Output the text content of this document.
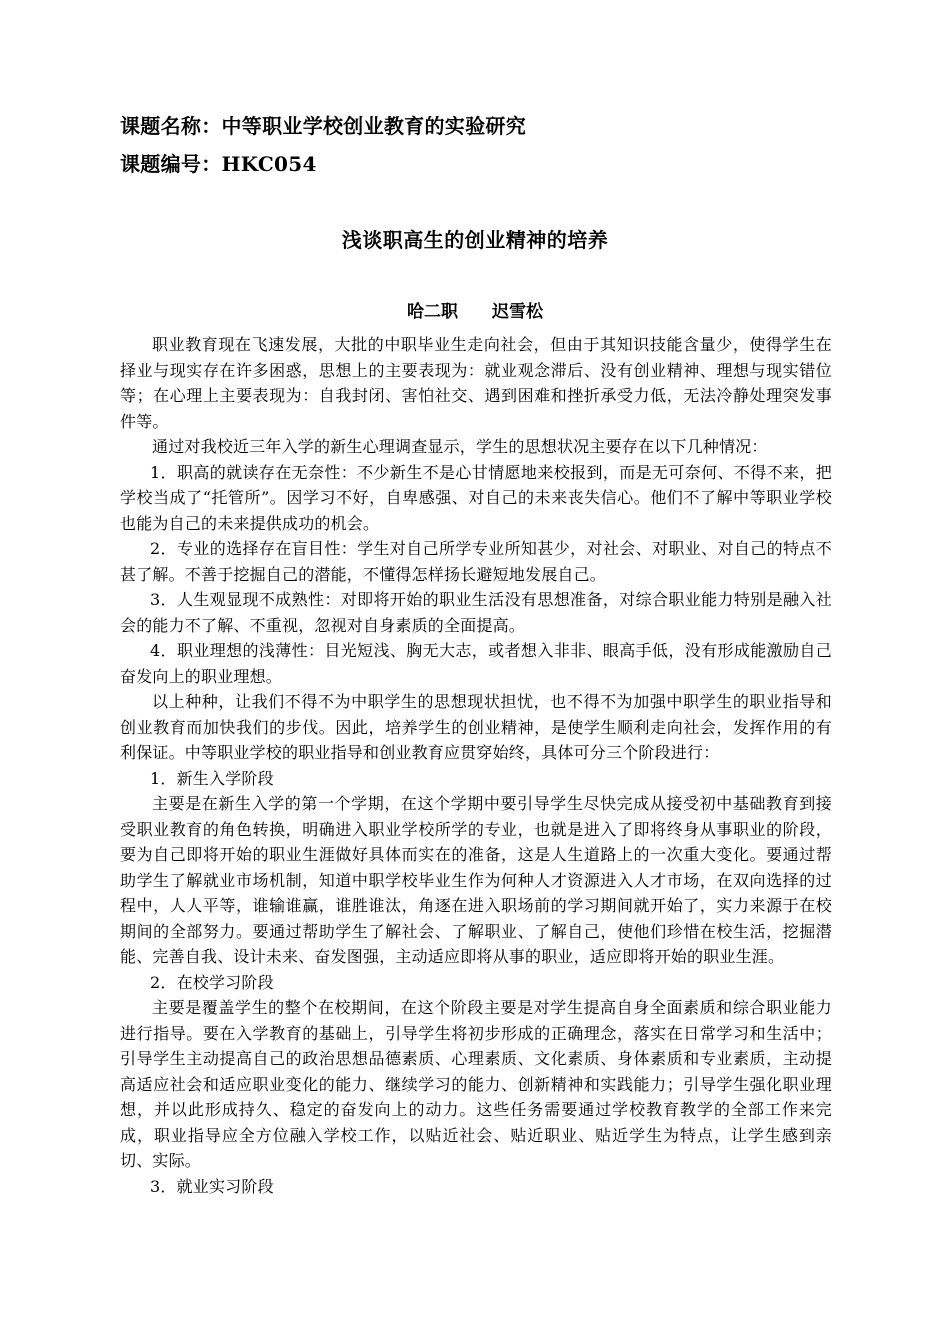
课题名称：中等职业学校创业教育的实验研究
课题编号：HKC054
浅谈职高生的创业精神的培养
哈二职 迟雪松

职业教育现在飞速发展，大批的中职毕业生走向社会，但由于其知识技能含量少，使得学生在择业与现实存在许多困惑，思想上的主要表现为：就业观念滞后、没有创业精神、理想与现实错位等；在心理上主要表现为：自我封闭、害怕社交、遇到困难和挫折承受力低，无法冷静处理突发事件等。

通过对我校近三年入学的新生心理调查显示，学生的思想状况主要存在以下几种情况：

1．职高的就读存在无奈性：不少新生不是心甘情愿地来校报到，而是无可奈何、不得不来，把学校当成了“托管所”。因学习不好，自卑感强、对自己的未来丧失信心。他们不了解中等职业学校也能为自己的未来提供成功的机会。

2．专业的选择存在盲目性：学生对自己所学专业所知甚少，对社会、对职业、对自己的特点不甚了解。不善于挖掘自己的潜能，不懂得怎样扬长避短地发展自己。

3．人生观显现不成熟性：对即将开始的职业生活没有思想准备，对综合职业能力特别是融入社会的能力不了解、不重视，忽视对自身素质的全面提高。

4．职业理想的浅薄性：目光短浅、胸无大志，或者想入非非、眼高手低，没有形成能激励自己奋发向上的职业理想。

以上种种，让我们不得不为中职学生的思想现状担忧，也不得不为加强中职学生的职业指导和创业教育而加快我们的步伐。因此，培养学生的创业精神，是使学生顺利走向社会，发挥作用的有利保证。中等职业学校的职业指导和创业教育应贯穿始终，具体可分三个阶段进行：

1．新生入学阶段

主要是在新生入学的第一个学期，在这个学期中要引导学生尽快完成从接受初中基础教育到接受职业教育的角色转换，明确进入职业学校所学的专业，也就是进入了即将终身从事职业的阶段，要为自己即将开始的职业生涯做好具体而实在的准备，这是人生道路上的一次重大变化。要通过帮助学生了解就业市场机制，知道中职学校毕业生作为何种人才资源进入人才市场，在双向选择的过程中，人人平等，谁输谁赢，谁胜谁汰，角逐在进入职场前的学习期间就开始了，实力来源于在校期间的全部努力。要通过帮助学生了解社会、了解职业、了解自己，使他们珍惜在校生活，挖掘潜能、完善自我、设计未来、奋发图强，主动适应即将从事的职业，适应即将开始的职业生涯。

2．在校学习阶段

主要是覆盖学生的整个在校期间，在这个阶段主要是对学生提高自身全面素质和综合职业能力进行指导。要在入学教育的基础上，引导学生将初步形成的正确理念，落实在日常学习和生活中；引导学生主动提高自己的政治思想品德素质、心理素质、文化素质、身体素质和专业素质，主动提高适应社会和适应职业变化的能力、继续学习的能力、创新精神和实践能力；引导学生强化职业理想，并以此形成持久、稳定的奋发向上的动力。这些任务需要通过学校教育教学的全部工作来完成，职业指导应全方位融入学校工作，以贴近社会、贴近职业、贴近学生为特点，让学生感到亲切、实际。

3．就业实习阶段
